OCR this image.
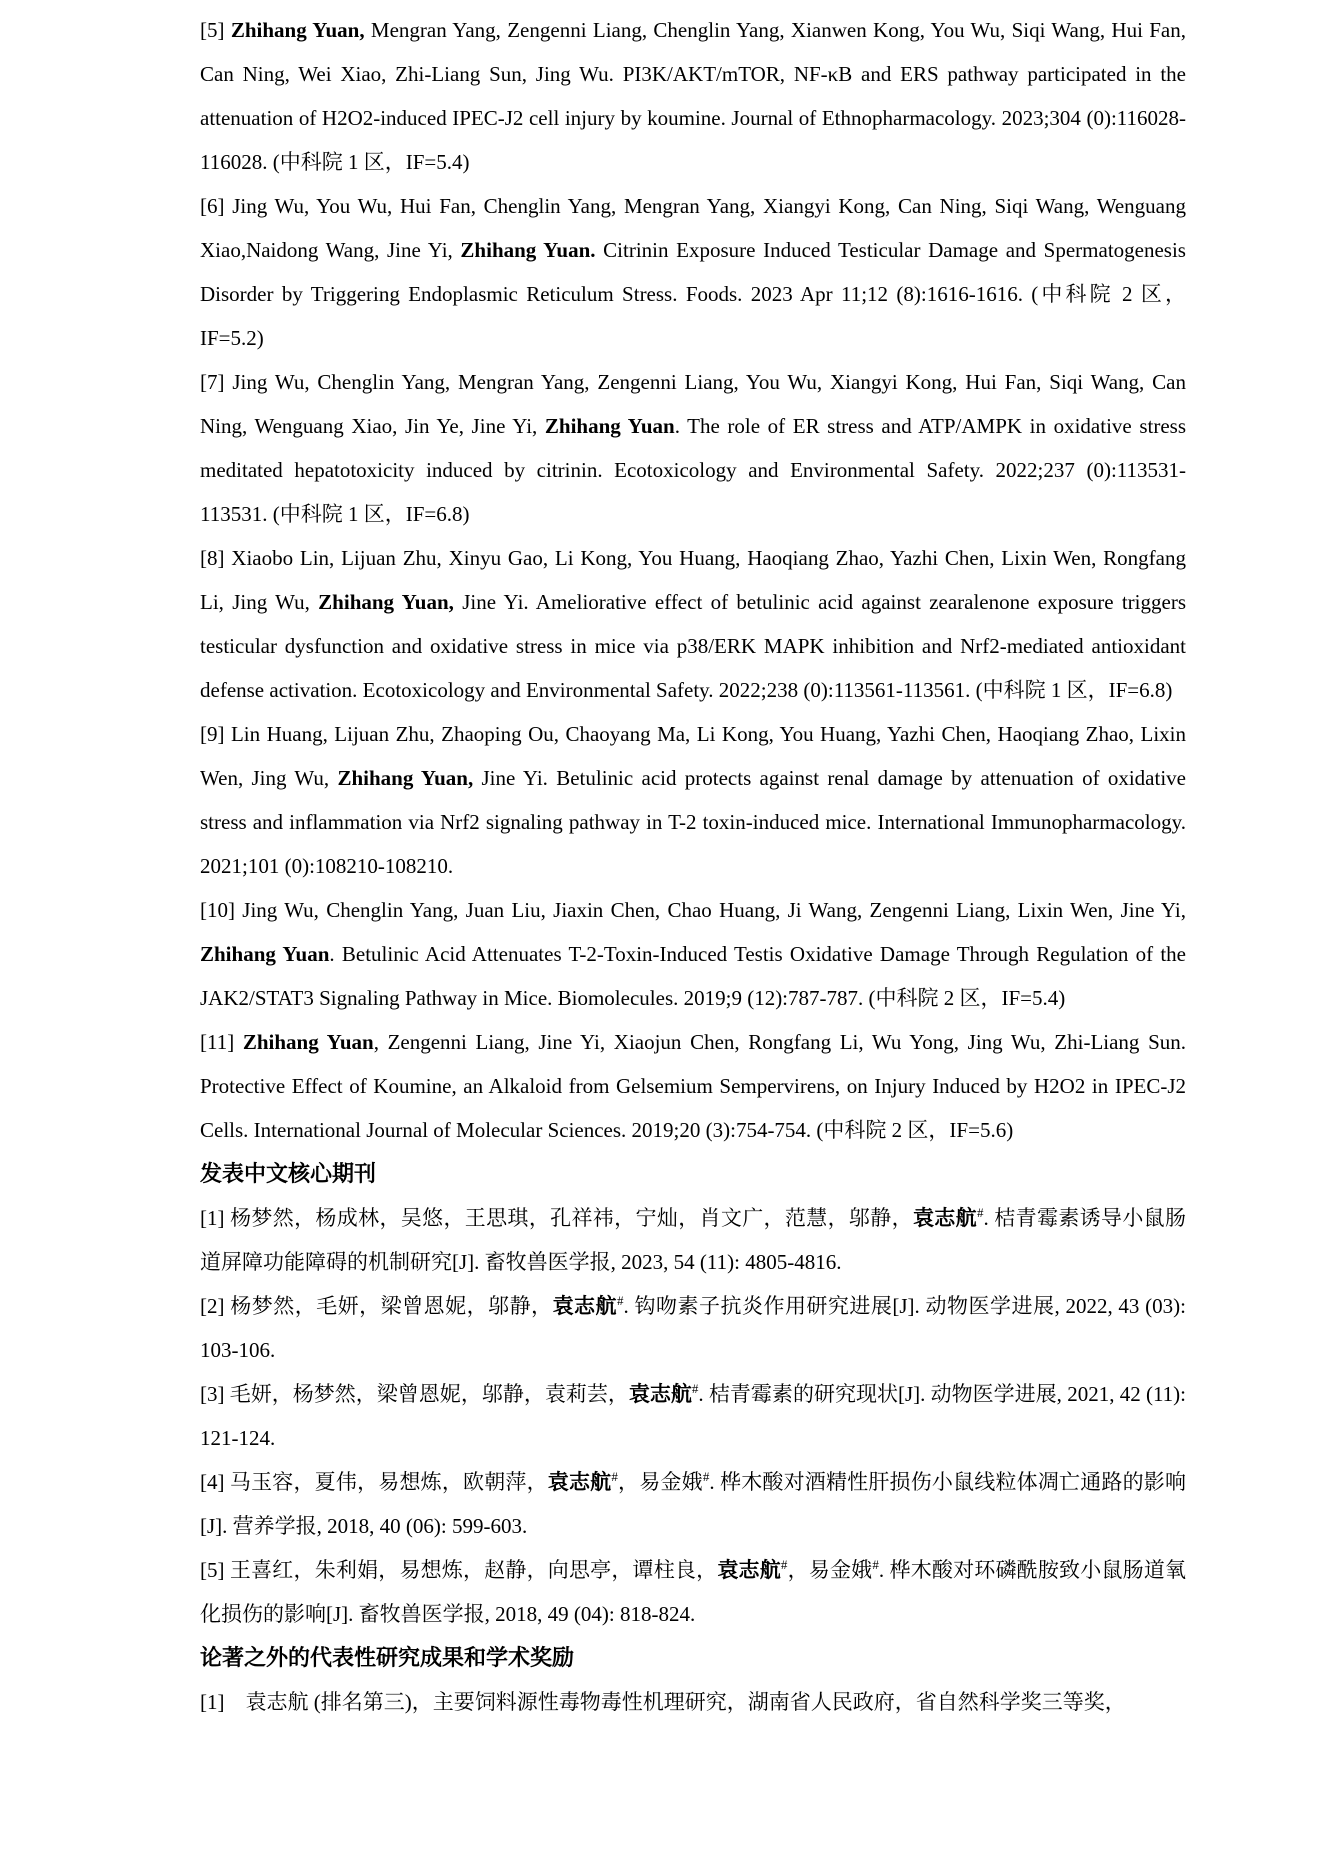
[5] Zhihang Yuan, Mengran Yang, Zengenni Liang, Chenglin Yang, Xianwen Kong, You Wu, Siqi Wang, Hui Fan, Can Ning, Wei Xiao, Zhi-Liang Sun, Jing Wu. PI3K/AKT/mTOR, NF-κB and ERS pathway participated in the attenuation of H2O2-induced IPEC-J2 cell injury by koumine. Journal of Ethnopharmacology. 2023;304 (0):116028-116028. (中科院 1 区，IF=5.4)

[6] Jing Wu, You Wu, Hui Fan, Chenglin Yang, Mengran Yang, Xiangyi Kong, Can Ning, Siqi Wang, Wenguang Xiao,Naidong Wang, Jine Yi, Zhihang Yuan. Citrinin Exposure Induced Testicular Damage and Spermatogenesis Disorder by Triggering Endoplasmic Reticulum Stress. Foods. 2023 Apr 11;12 (8):1616-1616. (中科院 2 区，IF=5.2)

[7] Jing Wu, Chenglin Yang, Mengran Yang, Zengenni Liang, You Wu, Xiangyi Kong, Hui Fan, Siqi Wang, Can Ning, Wenguang Xiao, Jin Ye, Jine Yi, Zhihang Yuan. The role of ER stress and ATP/AMPK in oxidative stress meditated hepatotoxicity induced by citrinin. Ecotoxicology and Environmental Safety. 2022;237 (0):113531-113531. (中科院 1 区，IF=6.8)

[8] Xiaobo Lin, Lijuan Zhu, Xinyu Gao, Li Kong, You Huang, Haoqiang Zhao, Yazhi Chen, Lixin Wen, Rongfang Li, Jing Wu, Zhihang Yuan, Jine Yi. Ameliorative effect of betulinic acid against zearalenone exposure triggers testicular dysfunction and oxidative stress in mice via p38/ERK MAPK inhibition and Nrf2-mediated antioxidant defense activation. Ecotoxicology and Environmental Safety. 2022;238 (0):113561-113561. (中科院 1 区，IF=6.8)

[9] Lin Huang, Lijuan Zhu, Zhaoping Ou, Chaoyang Ma, Li Kong, You Huang, Yazhi Chen, Haoqiang Zhao, Lixin Wen, Jing Wu, Zhihang Yuan, Jine Yi. Betulinic acid protects against renal damage by attenuation of oxidative stress and inflammation via Nrf2 signaling pathway in T-2 toxin-induced mice. International Immunopharmacology. 2021;101 (0):108210-108210.

[10] Jing Wu, Chenglin Yang, Juan Liu, Jiaxin Chen, Chao Huang, Ji Wang, Zengenni Liang, Lixin Wen, Jine Yi, Zhihang Yuan. Betulinic Acid Attenuates T-2-Toxin-Induced Testis Oxidative Damage Through Regulation of the JAK2/STAT3 Signaling Pathway in Mice. Biomolecules. 2019;9 (12):787-787. (中科院 2 区，IF=5.4)

[11] Zhihang Yuan, Zengenni Liang, Jine Yi, Xiaojun Chen, Rongfang Li, Wu Yong, Jing Wu, Zhi-Liang Sun. Protective Effect of Koumine, an Alkaloid from Gelsemium Sempervirens, on Injury Induced by H2O2 in IPEC-J2 Cells. International Journal of Molecular Sciences. 2019;20 (3):754-754. (中科院 2 区，IF=5.6)

发表中文核心期刊

[1] 杨梦然，杨成林，吴悠，王思琪，孔祥祎，宁灿，肖文广，范慧，邬静，袁志航#. 桔青霉素诱导小鼠肠道屏障功能障碍的机制研究[J]. 畜牧兽医学报, 2023, 54 (11): 4805-4816.

[2] 杨梦然，毛妍，梁曾恩妮，邬静，袁志航#. 钩吻素子抗炎作用研究进展[J]. 动物医学进展, 2022, 43 (03): 103-106.

[3] 毛妍，杨梦然，梁曾恩妮，邬静，袁莉芸，袁志航#. 桔青霉素的研究现状[J]. 动物医学进展, 2021, 42 (11): 121-124.

[4] 马玉容，夏伟，易想炼，欧朝萍，袁志航#，易金娥#. 桦木酸对酒精性肝损伤小鼠线粒体凋亡通路的影响[J]. 营养学报, 2018, 40 (06): 599-603.

[5] 王喜红，朱利娟，易想炼，赵静，向思亭，谭柱良，袁志航#，易金娥#. 桦木酸对环磷酰胺致小鼠肠道氧化损伤的影响[J]. 畜牧兽医学报, 2018, 49 (04): 818-824.

论著之外的代表性研究成果和学术奖励

[1]　袁志航 (排名第三)，主要饲料源性毒物毒性机理研究，湖南省人民政府，省自然科学奖三等奖，
